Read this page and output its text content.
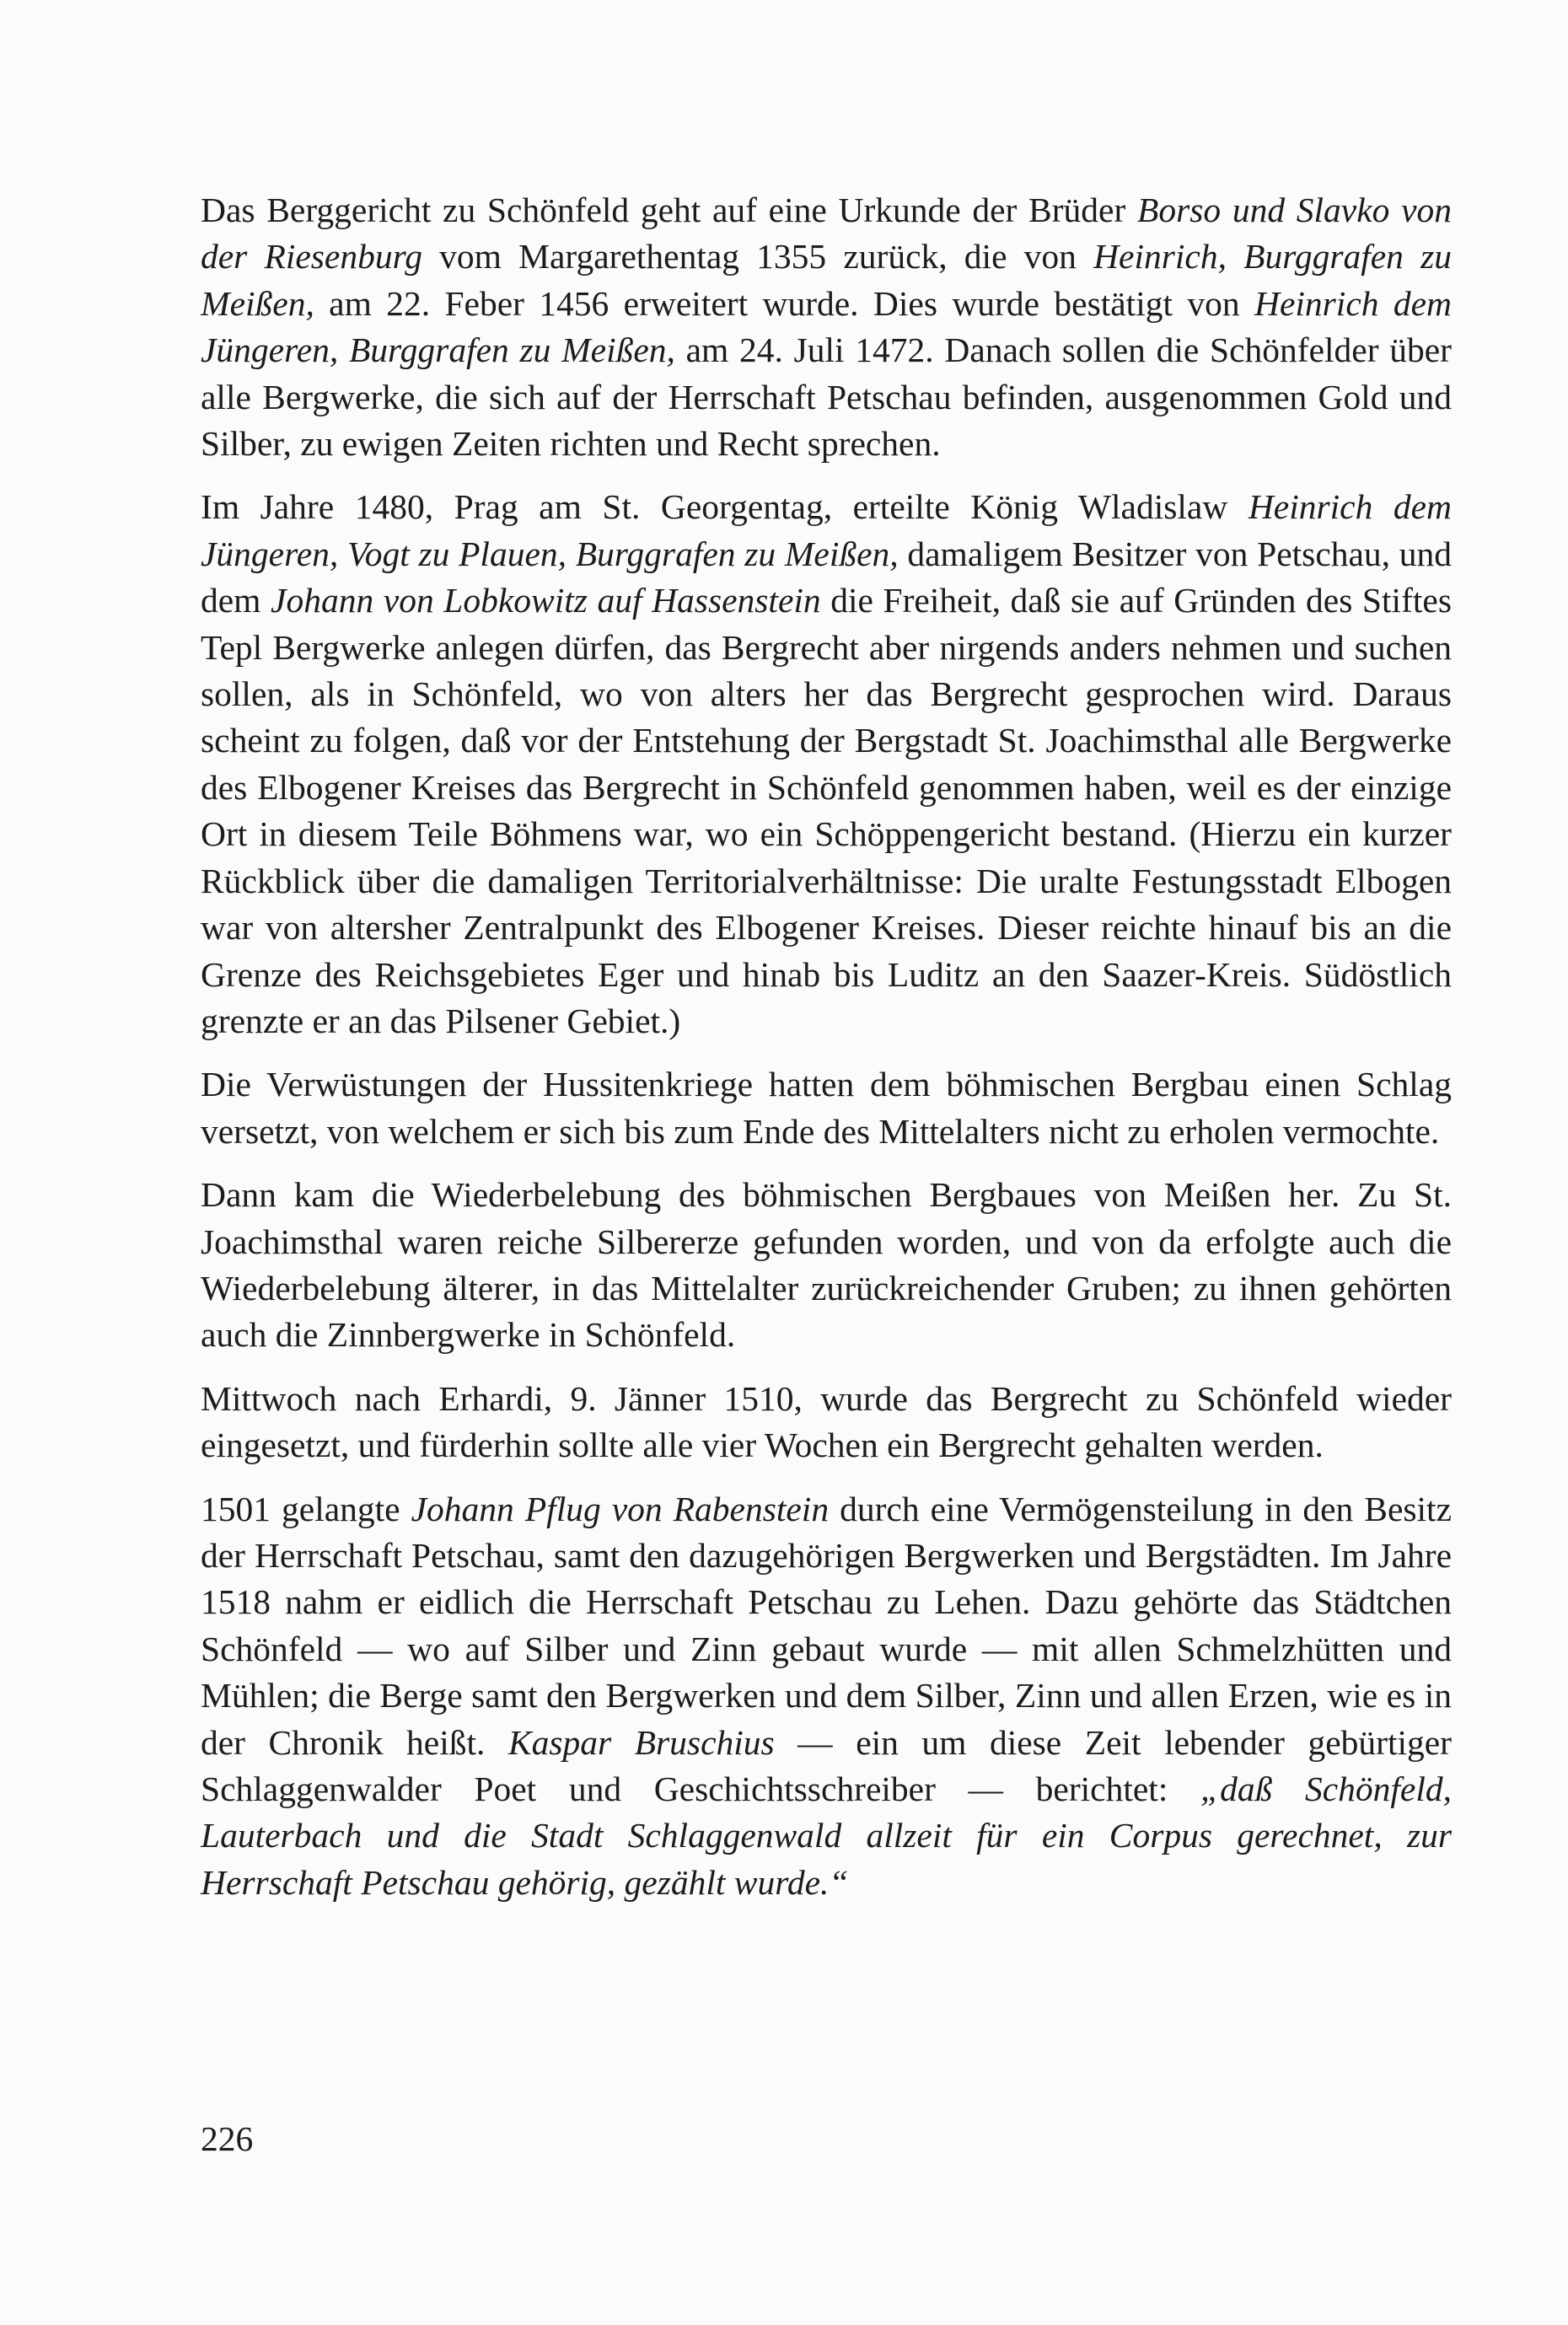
Das Berggericht zu Schönfeld geht auf eine Urkunde der Brüder Borso und Slavko von der Riesenburg vom Margarethentag 1355 zurück, die von Heinrich, Burggrafen zu Meißen, am 22. Feber 1456 erweitert wurde. Dies wurde bestätigt von Heinrich dem Jüngeren, Burggrafen zu Meißen, am 24. Juli 1472. Danach sollen die Schönfelder über alle Bergwerke, die sich auf der Herrschaft Petschau befinden, ausgenommen Gold und Silber, zu ewigen Zeiten richten und Recht sprechen.

Im Jahre 1480, Prag am St. Georgentag, erteilte König Wladislaw Heinrich dem Jüngeren, Vogt zu Plauen, Burggrafen zu Meißen, damaligem Besitzer von Petschau, und dem Johann von Lobkowitz auf Hassenstein die Freiheit, daß sie auf Gründen des Stiftes Tepl Bergwerke anlegen dürfen, das Bergrecht aber nirgends anders nehmen und suchen sollen, als in Schönfeld, wo von alters her das Bergrecht gesprochen wird. Daraus scheint zu folgen, daß vor der Entstehung der Bergstadt St. Joachimsthal alle Bergwerke des Elbogener Kreises das Bergrecht in Schönfeld genommen haben, weil es der einzige Ort in diesem Teile Böhmens war, wo ein Schöppengericht bestand. (Hierzu ein kurzer Rückblick über die damaligen Territorialverhältnisse: Die uralte Festungsstadt Elbogen war von altersher Zentralpunkt des Elbogener Kreises. Dieser reichte hinauf bis an die Grenze des Reichsgebietes Eger und hinab bis Luditz an den Saazer-Kreis. Südöstlich grenzte er an das Pilsener Gebiet.)

Die Verwüstungen der Hussitenkriege hatten dem böhmischen Bergbau einen Schlag versetzt, von welchem er sich bis zum Ende des Mittelalters nicht zu erholen vermochte.

Dann kam die Wiederbelebung des böhmischen Bergbaues von Meißen her. Zu St. Joachimsthal waren reiche Silbererze gefunden worden, und von da erfolgte auch die Wiederbelebung älterer, in das Mittelalter zurückreichender Gruben; zu ihnen gehörten auch die Zinnbergwerke in Schönfeld.

Mittwoch nach Erhardi, 9. Jänner 1510, wurde das Bergrecht zu Schönfeld wieder eingesetzt, und fürderhin sollte alle vier Wochen ein Bergrecht gehalten werden.

1501 gelangte Johann Pflug von Rabenstein durch eine Vermögensteilung in den Besitz der Herrschaft Petschau, samt den dazugehörigen Bergwerken und Bergstädten. Im Jahre 1518 nahm er eidlich die Herrschaft Petschau zu Lehen. Dazu gehörte das Städtchen Schönfeld — wo auf Silber und Zinn gebaut wurde — mit allen Schmelzhütten und Mühlen; die Berge samt den Bergwerken und dem Silber, Zinn und allen Erzen, wie es in der Chronik heißt. Kaspar Bruschius — ein um diese Zeit lebender gebürtiger Schlaggenwalder Poet und Geschichtsschreiber — berichtet: „daß Schönfeld, Lauterbach und die Stadt Schlaggenwald allzeit für ein Corpus gerechnet, zur Herrschaft Petschau gehörig, gezählt wurde.“

226
